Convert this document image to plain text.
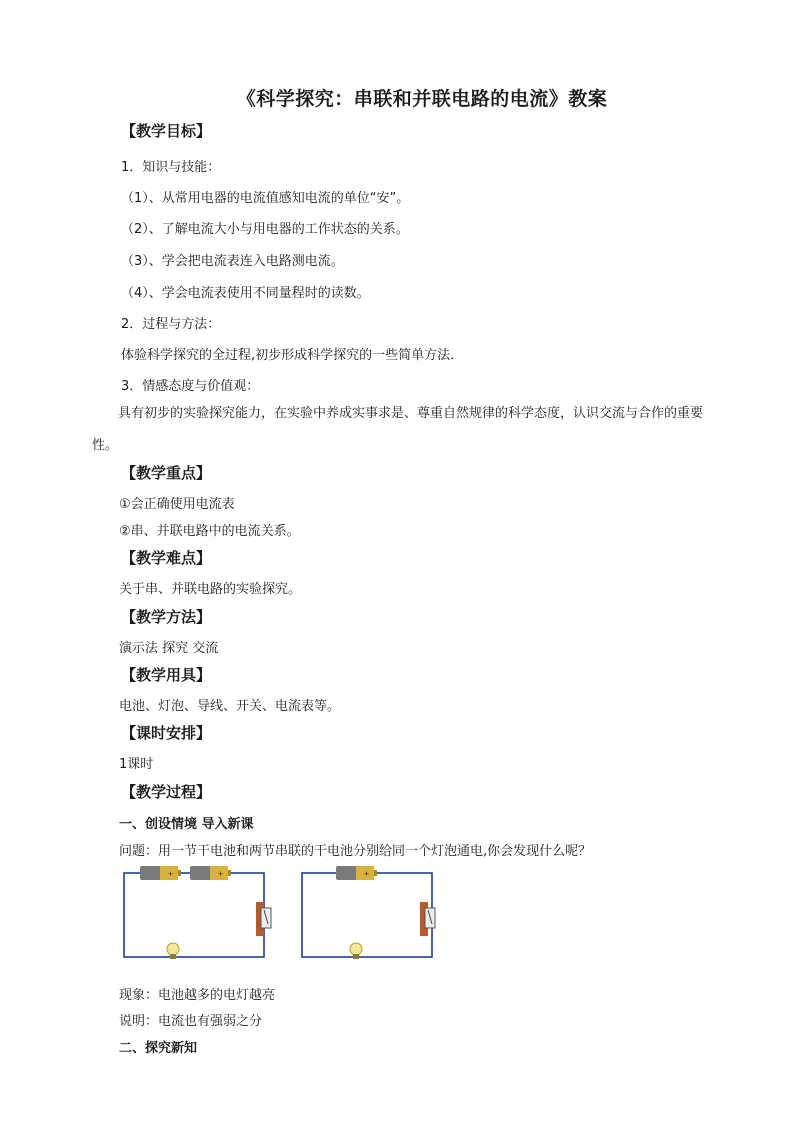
《科学探究：串联和并联电路的电流》教案
【教学目标】
1．知识与技能：
（1）、从常用电器的电流值感知电流的单位“安”。
（2）、了解电流大小与用电器的工作状态的关系。
（3）、学会把电流表连入电路测电流。
（4）、学会电流表使用不同量程时的读数。
2．过程与方法：
体验科学探究的全过程,初步形成科学探究的一些简单方法．
3．情感态度与价值观：
具有初步的实验探究能力，在实验中养成实事求是、尊重自然规律的科学态度，认识交流与合作的重要性。
【教学重点】
①会正确使用电流表
②串、并联电路中的电流关系。
【教学难点】
关于串、并联电路的实验探究。
【教学方法】
演示法 探究 交流
【教学用具】
电池、灯泡、导线、开关、电流表等。
【课时安排】
1课时
【教学过程】
一、创设情境 导入新课
问题：用一节干电池和两节串联的干电池分别给同一个灯泡通电,你会发现什么呢？
+	+	+
现象：电池越多的电灯越亮
说明：电流也有强弱之分
二、探究新知
